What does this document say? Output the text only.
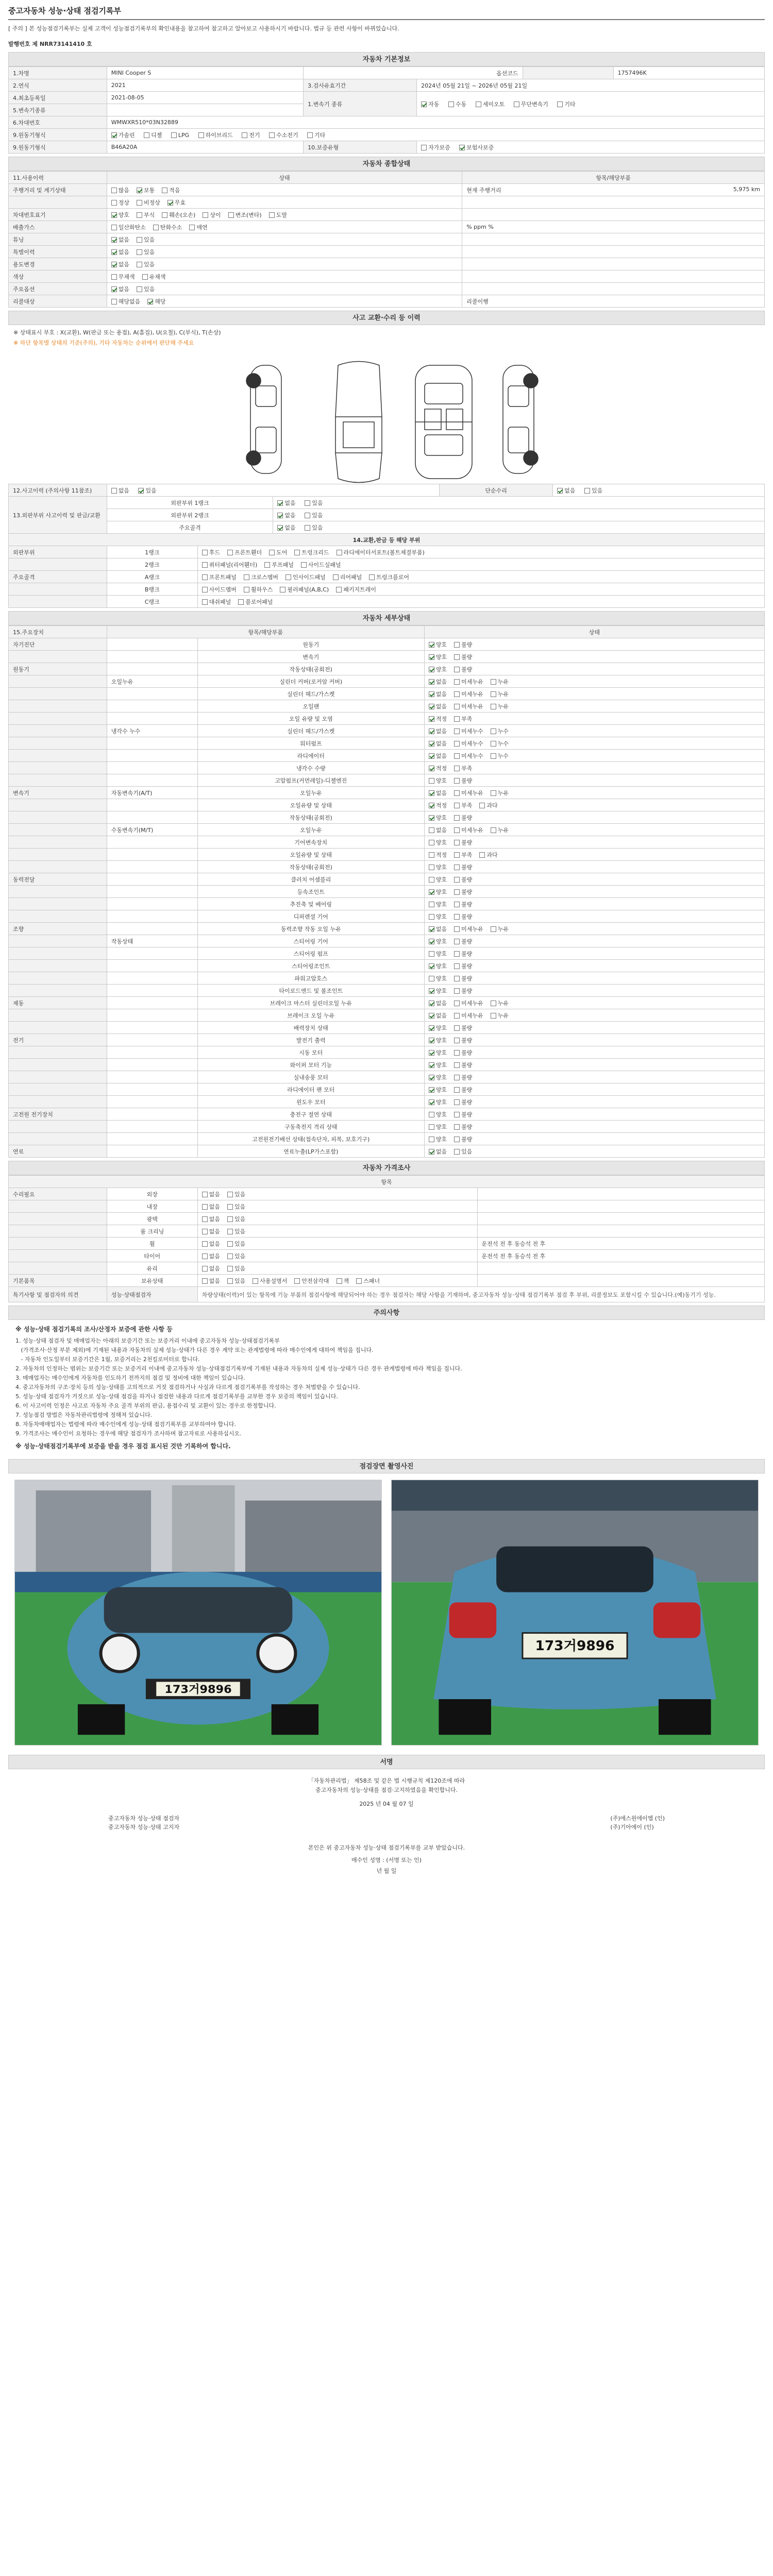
중고자동차 성능·상태 점검기록부
[ 주의 ] 본 성능점검기록부는 실제 고객이 성능점검기록부의 확인내용을 참고하여 참고하고 알아보고 사용하시기 바랍니다. 법규 등 관련 사항이 바뀌었습니다.
발행번호 제 NRR73141410 호
자동차 기본정보
1.차명	MINI Cooper S	옵션코드			1757496K
2.연식	2021	3.검사유효기간	2024년 05월 21일 ~ 2026년 05월 21일		
4.최초등록일	2021-08-05	1.변속기 종류	자동 수동 세미오토 무단변속기 기타		
5.변속기종류					
6.차대번호	WMWXR510*03N32889				
9.원동기형식	가솔린 디젤 LPG 하이브리드 전기 수소전기 기타				
9.원동기형식	B46A20A	10.보증유형	자가보증 보험사보증		
자동차 종합상태
11.사용이력	상태	항목/해당부품
주행거리 및 계기상태	많음 보통 적음	현재 주행거리 5,975 km

	정상 비정상 무효	
차대번호표기	양호 부식 훼손(오손) 상이 변조(변타) 도말	
배출가스	일산화탄소 탄화수소 매연	% ppm %
튜닝	없음 있음	
특별이력	없음 있음	
용도변경	없음 있음	
색상	무채색 유채색	
주요옵션	없음 있음	
리콜대상	해당없음 해당	리콜이행
사고 교환·수리 등 이력
※ 상태표시 부호 : X(교환), W(판금 또는 용접), A(흠집), U(요철), C(부식), T(손상)
※ 하단 항목별 상태의 기준(주의), 기타 자동차는 순위에서 판단해 주세요
12.사고이력 (주의사항 11참조)	없음 있음			단순수리	없음 있음
13.외판부위 사고이력 및 판금/교환	외판부위 1랭크		없음 있음		
	외판부위 2랭크		없음 있음		
	주요골격		없음 있음		
14.교환,판금 등 해당 부위					
외판부위	1랭크	후드 프론트휀더 도어 트렁크리드 라디에이터서포트(볼트체결부품)			
	2랭크	쿼터패널(리어휀더) 루프패널 사이드실패널			
주요골격	A랭크	프론트패널 크로스멤버 인사이드패널 리어패널 트렁크플로어			
	B랭크	사이드멤버 휠하우스 필러패널(A,B,C) 패키지트레이			
	C랭크	대쉬패널 플로어패널			
자동차 세부상태
15.주요장치	항목/해당부품		상태
자기진단		원동기	양호 불량
		변속기	양호 불량
원동기		작동상태(공회전)	양호 불량
	오일누유	실린더 커버(로커암 커버)	없음 미세누유 누유
		실린더 헤드/가스켓	없음 미세누유 누유
		오일팬	없음 미세누유 누유
		오일 유량 및 오염	적정 부족
	냉각수 누수	실린더 헤드/가스켓	없음 미세누수 누수
		워터펌프	없음 미세누수 누수
		라디에이터	없음 미세누수 누수
		냉각수 수량	적정 부족
		고압펌프(커먼레일)-디젤엔진	양호 불량
변속기	자동변속기(A/T)	오일누유	없음 미세누유 누유
		오일유량 및 상태	적정 부족 과다
		작동상태(공회전)	양호 불량
	수동변속기(M/T)	오일누유	없음 미세누유 누유
		기어변속장치	양호 불량
		오일유량 및 상태	적정 부족 과다
		작동상태(공회전)	양호 불량
동력전달		클러치 어셈블리	양호 불량
		등속조인트	양호 불량
		추진축 및 베어링	양호 불량
		디퍼렌셜 기어	양호 불량
조향		동력조향 작동 오일 누유	없음 미세누유 누유
	작동상태	스티어링 기어	양호 불량
		스티어링 펌프	양호 불량
		스티어링조인트	양호 불량
		파워고압호스	양호 불량
		타이로드엔드 및 볼조인트	양호 불량
제동		브레이크 마스터 실린더오일 누유	없음 미세누유 누유
		브레이크 오일 누유	없음 미세누유 누유
		배력장치 상태	양호 불량
전기		발전기 출력	양호 불량
		시동 모터	양호 불량
		와이퍼 모터 기능	양호 불량
		실내송풍 모터	양호 불량
		라디에이터 팬 모터	양호 불량
		윈도우 모터	양호 불량
고전원 전기장치		충전구 절연 상태	양호 불량
		구동축전지 격리 상태	양호 불량
		고전원전기배선 상태(접속단자, 피복, 보호기구)	양호 불량
연료		연료누출(LP가스포함)	없음 있음
자동차 가격조사
항목			
수리필요	외장	없음 있음	
	내장	없음 있음	
	광택	없음 있음	
	룸 크리닝	없음 있음	
	휠	없음 있음	운전석 전 후 동승석 전 후
	타이어	없음 있음	운전석 전 후 동승석 전 후
	유리	없음 있음	
기본품목	보유상태	없음 있음 사용설명서 안전삼각대 잭 스패너	
특기사항 및 점검자의 의견	성능·상태점검자	차량상태(이력)이 있는 항목에 기능 부품의 점검사항에 해당되어야 하는 경우 점검자는 해당 사항을 기재하며, 중고자동차 성능·상태 점검기록부 점검 후 부위, 리콜정보도 포함시킬 수 있습니다.(예)동기기 성능.	
주의사항
※ 성능·상태 점검기록의 조사/산정자 보증에 관한 사항 등

1. 성능·상태 점검자 및 매매업자는 아래의 보증기간 또는 보증거리 이내에 중고자동차 성능·상태점검기록부

(가격조사·산정 부분 제외)에 기재된 내용과 자동차의 실제 성능·상태가 다른 경우 계약 또는 관계법령에 따라 매수인에게 대하여 책임을 집니다.

- 자동차 인도일부터 보증기간은 1월, 보증거리는 2천킬로미터로 합니다.

2. 자동차의 인정하는 범위는 보증기간 또는 보증거리 이내에 중고자동차 성능·상태점검기록부에 기재된 내용과 자동차의 실제 성능·상태가 다른 경우 관계법령에 따라 책임을 집니다.

3. 매매업자는 매수인에게 자동차를 인도하기 전까지의 점검 및 정비에 대한 책임이 있습니다.

4. 중고자동차의 구조·장치 등의 성능·상태를 고의적으로 거짓 점검하거나 사실과 다르게 점검기록부를 작성하는 경우 처벌받을 수 있습니다.

5. 성능·상태 점검자가 거짓으로 성능·상태 점검을 하거나 점검한 내용과 다르게 점검기록부를 교부한 경우 보증의 책임이 있습니다.

6. 이 사고이력 인정은 사고로 자동차 주요 골격 부위의 판금, 용접수리 및 교환이 있는 경우로 한정합니다.

7. 성능점검 방법은 자동차관리법령에 정해져 있습니다.

8. 자동차매매업자는 법령에 따라 매수인에게 성능·상태 점검기록부를 교부하여야 합니다.

9. 가격조사는 매수인이 요청하는 경우에 해당 점검자가 조사하며 참고자료로 사용하십시오.

※ 성능·상태점검기록부에 보증을 받을 경우 점검 표시된 것만 기록하여 합니다.
점검장면 촬영사진
173거9896
173거9896
서명
「자동차관리법」 제58조 및 같은 법 시행규칙 제120조에 따라
중고자동차의 성능·상태를 점검·고지하였음을 확인합니다.
2025 년 04 월 07 일
중고자동차 성능·상태 점검자
중고자동차 성능·상태 고지자
(주)에스원에이엠 (인)
(주)기아에이 (인)
본인은 위 중고자동차 성능·상태 점검기록부를 교부 받았습니다.
매수인 성명 : (서명 또는 인)
년 월 일
